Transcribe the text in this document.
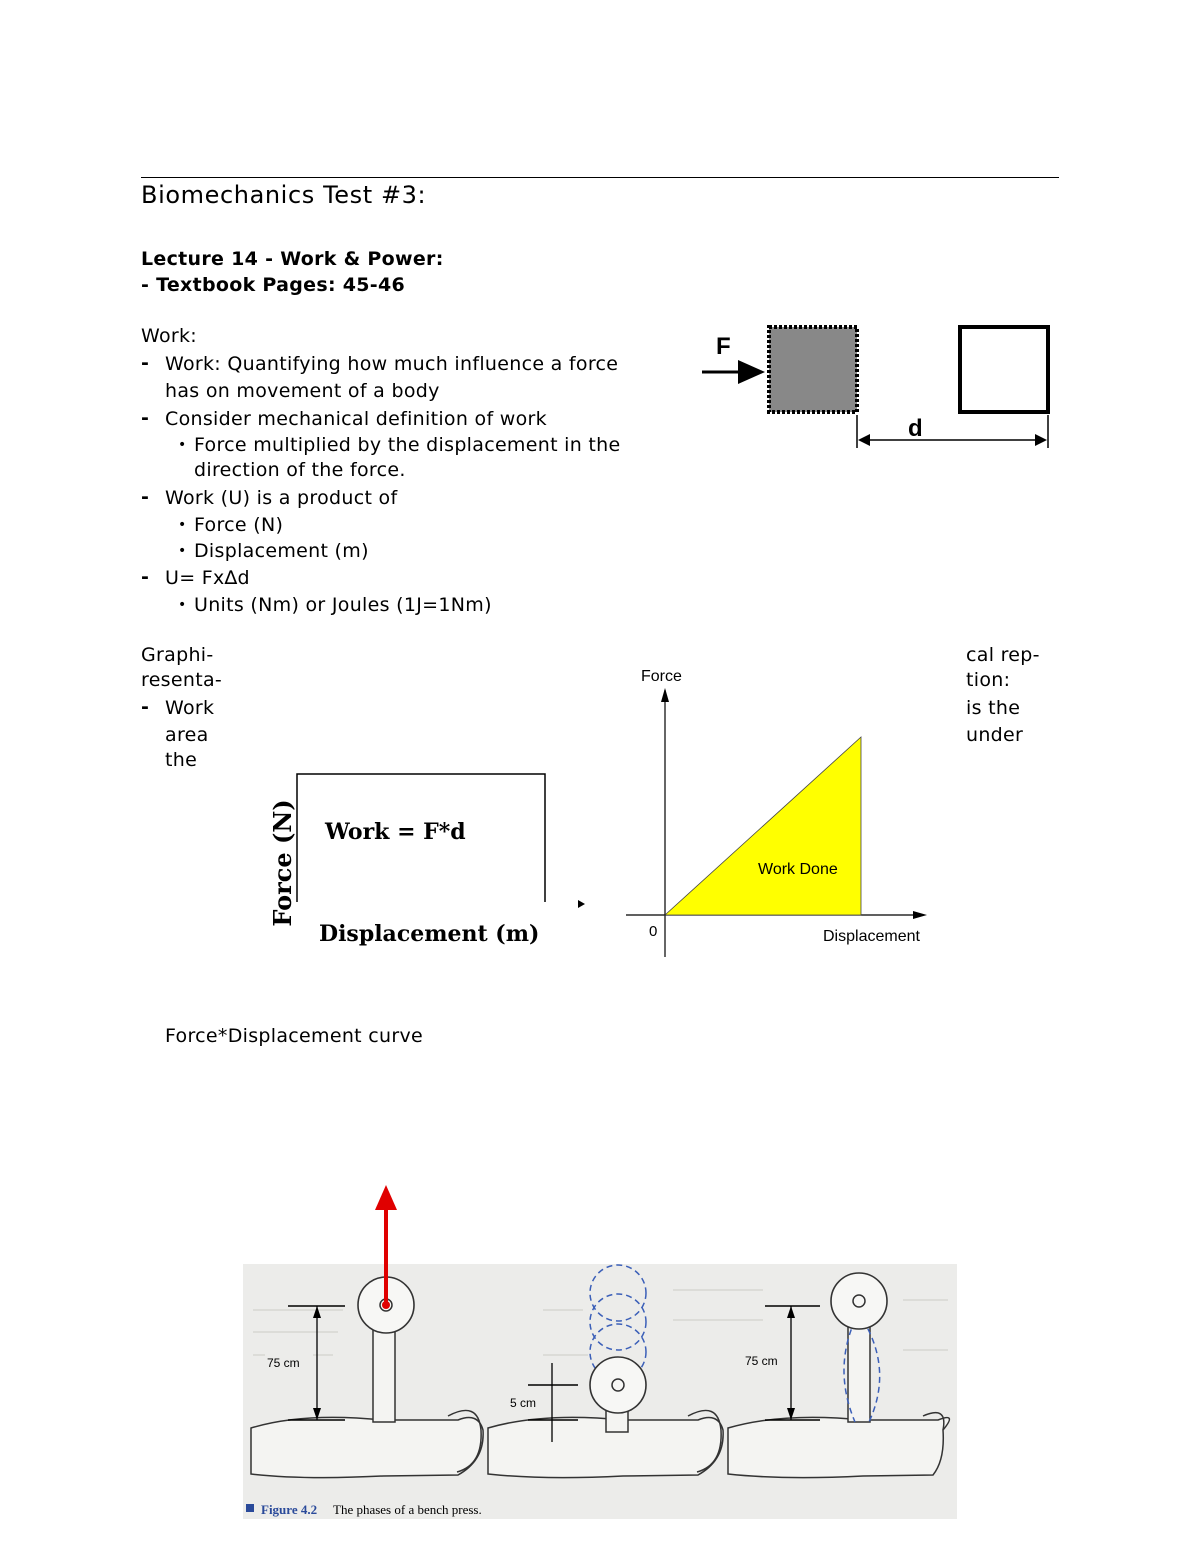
Biomechanics Test #3:
Lecture 14 - Work & Power:
- Textbook Pages: 45-46
Work:
- Work: Quantifying how much influence a force
has on movement of a body
- Consider mechanical definition of work
• Force multiplied by the displacement in the
direction of the force.
- Work (U) is a product of
• Force (N)
• Displacement (m)
- U= Fx∆d
• Units (Nm) or Joules (1J=1Nm)
F
d
Graphi-
resenta-
- Work
area
the
cal rep-
tion:
is the
under
Force*Displacement curve
Force (N) Work = F*d
Displacement (m)
Force
Displacement
0
Work Done
75 cm
5 cm
75 cm
Figure 4.2 The phases of a bench press.
